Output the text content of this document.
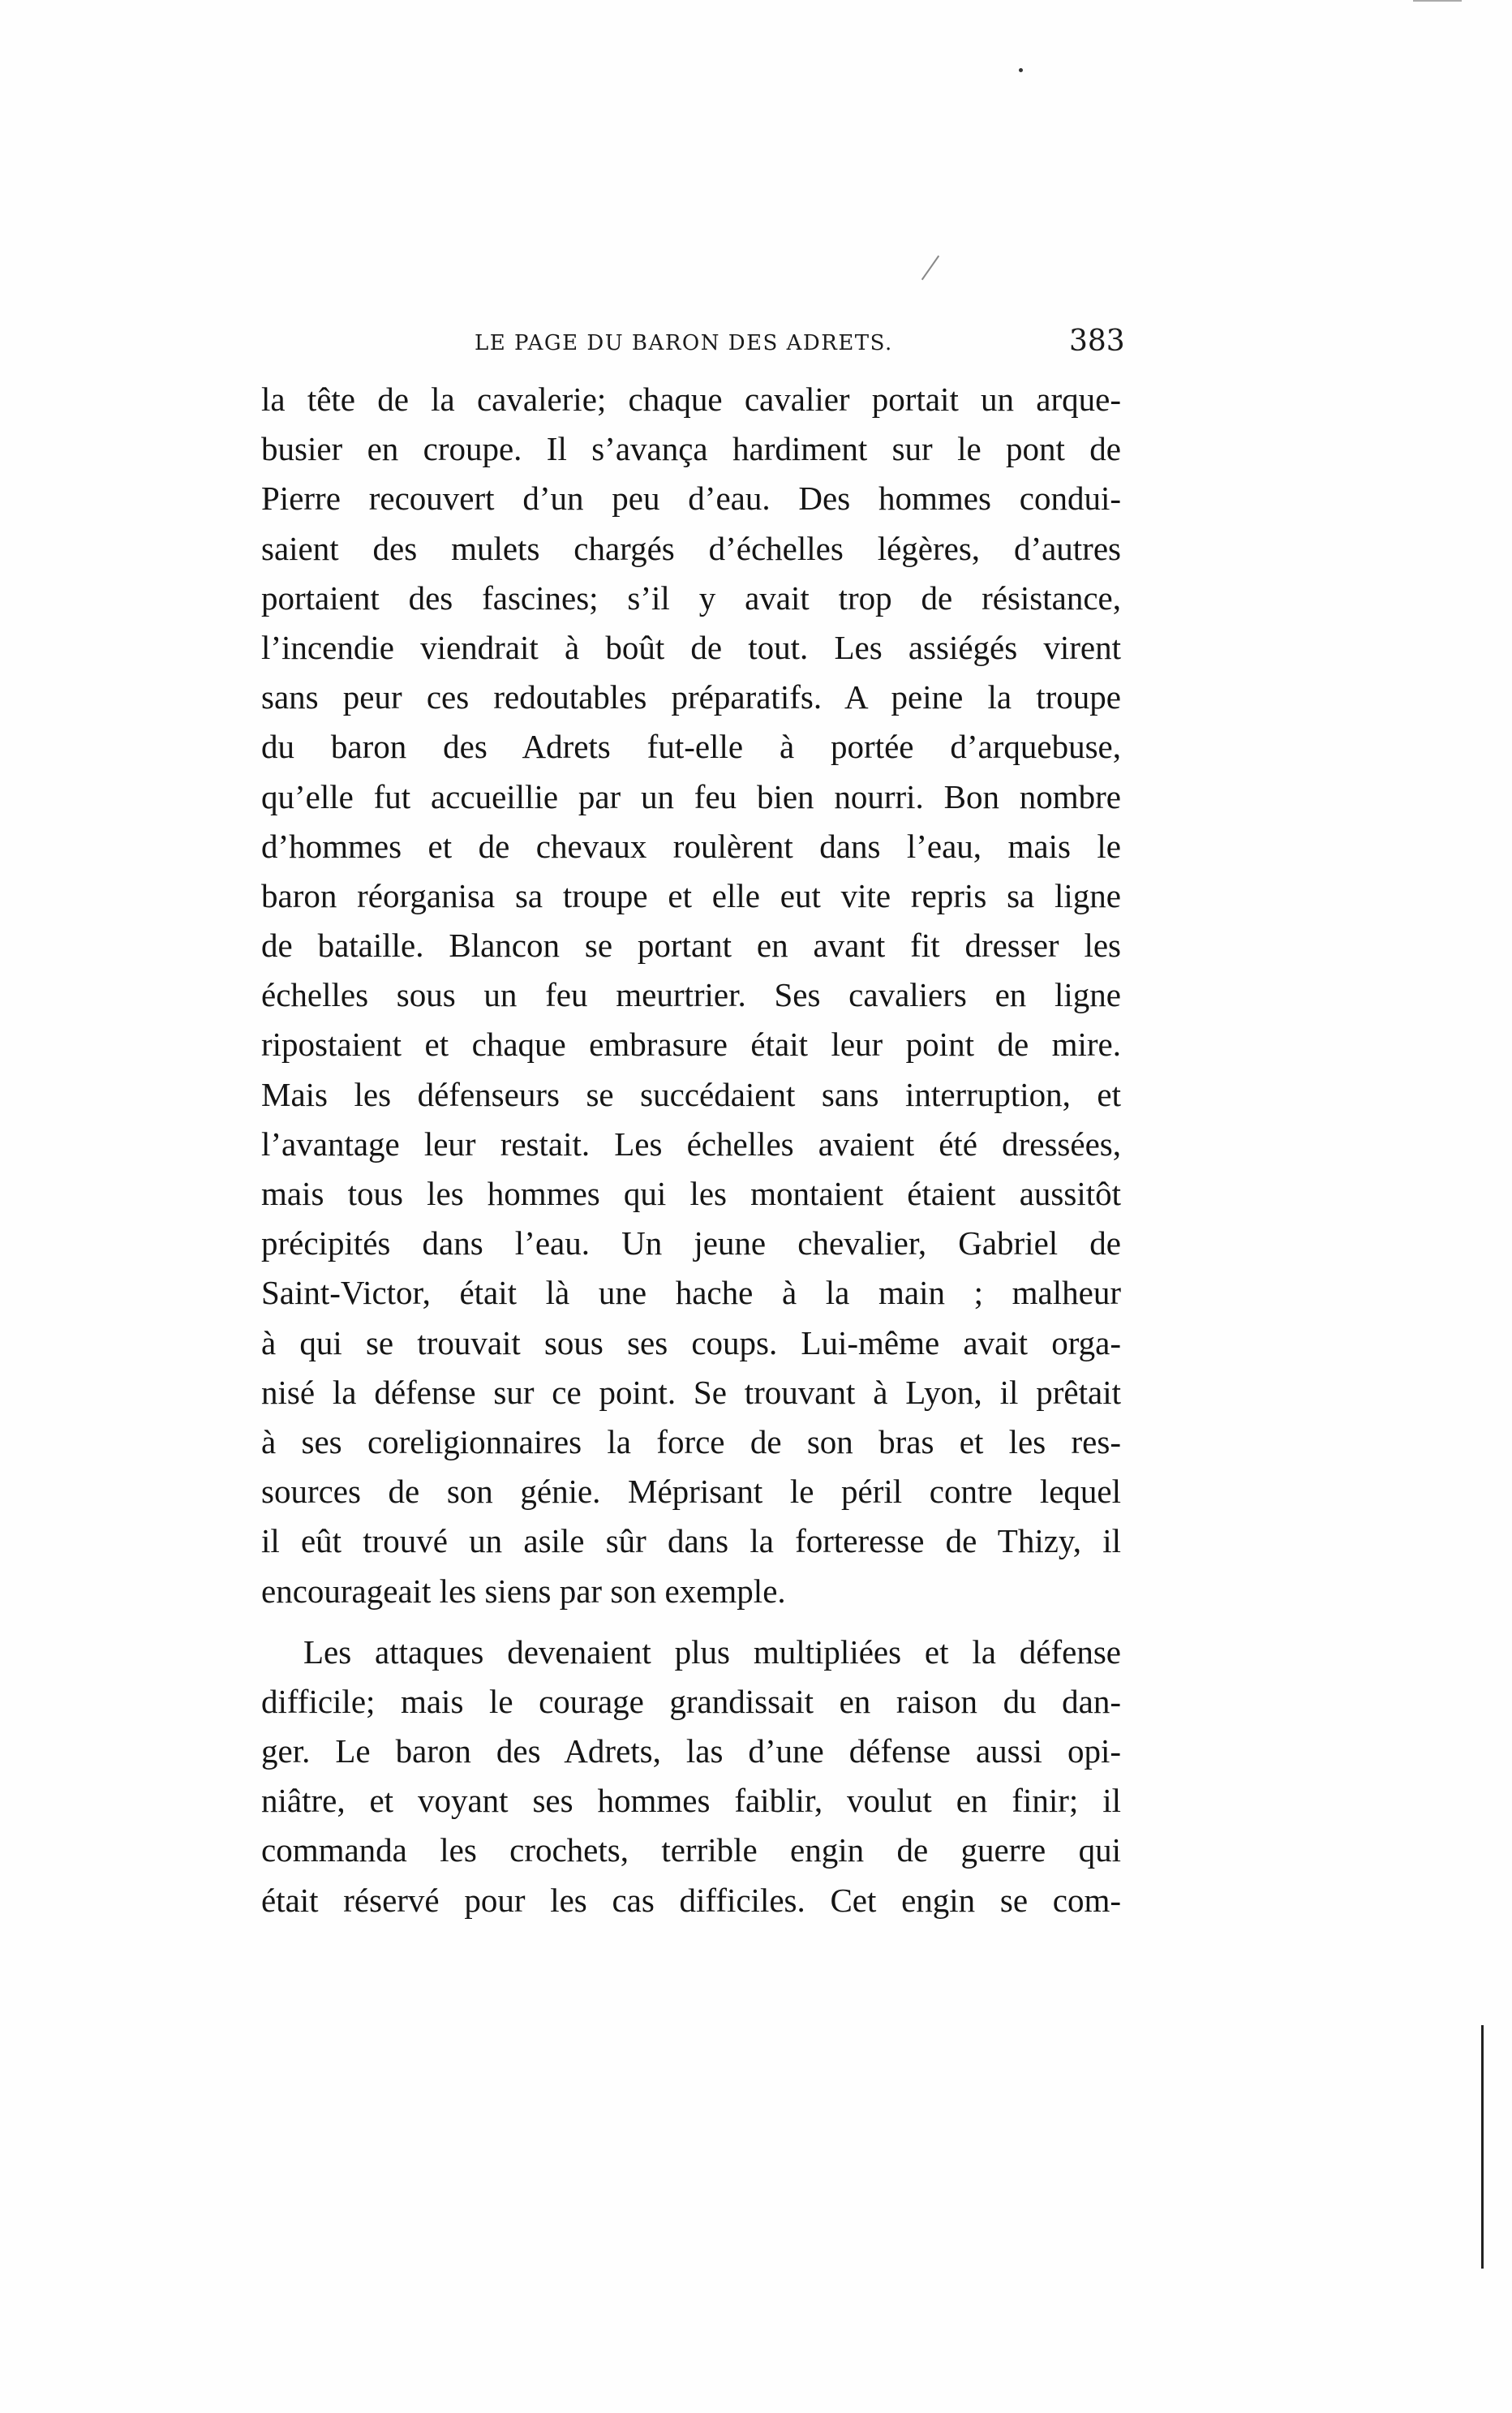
LE PAGE DU BARON DES ADRETS.	383
la tête de la cavalerie; chaque cavalier portait un arque-
busier en croupe. Il s’avança hardiment sur le pont de
Pierre recouvert d’un peu d’eau. Des hommes condui-
saient des mulets chargés d’échelles légères, d’autres
portaient des fascines; s’il y avait trop de résistance,
l’incendie viendrait à boût de tout. Les assiégés virent
sans peur ces redoutables préparatifs. A peine la troupe
du baron des Adrets fut-elle à portée d’arquebuse,
qu’elle fut accueillie par un feu bien nourri. Bon nombre
d’hommes et de chevaux roulèrent dans l’eau, mais le
baron réorganisa sa troupe et elle eut vite repris sa ligne
de bataille. Blancon se portant en avant fit dresser les
échelles sous un feu meurtrier. Ses cavaliers en ligne
ripostaient et chaque embrasure était leur point de mire.
Mais les défenseurs se succédaient sans interruption, et
l’avantage leur restait. Les échelles avaient été dressées,
mais tous les hommes qui les montaient étaient aussitôt
précipités dans l’eau. Un jeune chevalier, Gabriel de
Saint-Victor, était là une hache à la main ; malheur
à qui se trouvait sous ses coups. Lui-même avait orga-
nisé la défense sur ce point. Se trouvant à Lyon, il prêtait
à ses coreligionnaires la force de son bras et les res-
sources de son génie. Méprisant le péril contre lequel
il eût trouvé un asile sûr dans la forteresse de Thizy, il
encourageait les siens par son exemple.
Les attaques devenaient plus multipliées et la défense
difficile; mais le courage grandissait en raison du dan-
ger. Le baron des Adrets, las d’une défense aussi opi-
niâtre, et voyant ses hommes faiblir, voulut en finir; il
commanda les crochets, terrible engin de guerre qui
était réservé pour les cas difficiles. Cet engin se com-
